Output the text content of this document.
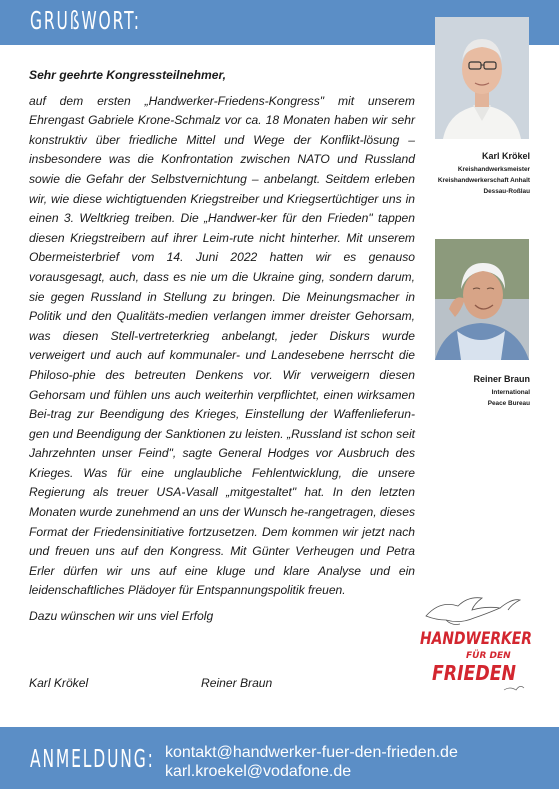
GRUßWORT:

Sehr geehrte Kongressteilnehmer,

auf dem ersten „Handwerker-Friedens-Kongress" mit unserem Ehrengast Gabriele Krone-Schmalz vor ca. 18 Monaten haben wir sehr konstruktiv über friedliche Mittel und Wege der Konflikt-lösung – insbesondere was die Konfrontation zwischen NATO und Russland sowie die Gefahr der Selbstvernichtung – anbelangt. Seitdem erleben wir, wie diese wichtigtuenden Kriegstreiber und Kriegsertüchtiger uns in einen 3. Weltkrieg treiben. Die „Handwer-ker für den Frieden" tappen diesen Kriegstreibern auf ihrer Leim-rute nicht hinterher. Mit unserem Obermeisterbrief vom 14. Juni 2022 hatten wir es genauso vorausgesagt, auch, dass es nie um die Ukraine ging, sondern darum, sie gegen Russland in Stellung zu bringen. Die Meinungsmacher in Politik und den Qualitäts-medien verlangen immer dreister Gehorsam, was diesen Stell-vertreterkrieg anbelangt, jeder Diskurs wurde verweigert und auch auf kommunaler- und Landesebene herrscht die Philoso-phie des betreuten Denkens vor. Wir verweigern diesen Gehorsam und fühlen uns auch weiterhin verpflichtet, einen wirksamen Bei-trag zur Beendigung des Krieges, Einstellung der Waffenlieferun-gen und Beendigung der Sanktionen zu leisten. „Russland ist schon seit Jahrzehnten unser Feind", sagte General Hodges vor Ausbruch des Krieges. Was für eine unglaubliche Fehlentwicklung, die unsere Regierung als treuer USA-Vasall „mitgestaltet" hat. In den letzten Monaten wurde zunehmend an uns der Wunsch he-rangetragen, dieses Format der Friedensinitiative fortzusetzen. Dem kommen wir jetzt nach und freuen uns auf den Kongress. Mit Günter Verheugen und Petra Erler dürfen wir uns auf eine kluge und klare Analyse und ein leidenschaftliches Plädoyer für Entspannungspolitik freuen.

Dazu wünschen wir uns viel Erfolg

Karl Krökel	Reiner Braun
Karl Krökel
Kreishandwerksmeister
Kreishandwerkerschaft Anhalt
Dessau-Roßlau
Reiner Braun
International
Peace Bureau
HANDWERKER
FÜR DEN
FRIEDEN
ANMELDUNG: kontakt@handwerker-fuer-den-frieden.de
karl.kroekel@vodafone.de
